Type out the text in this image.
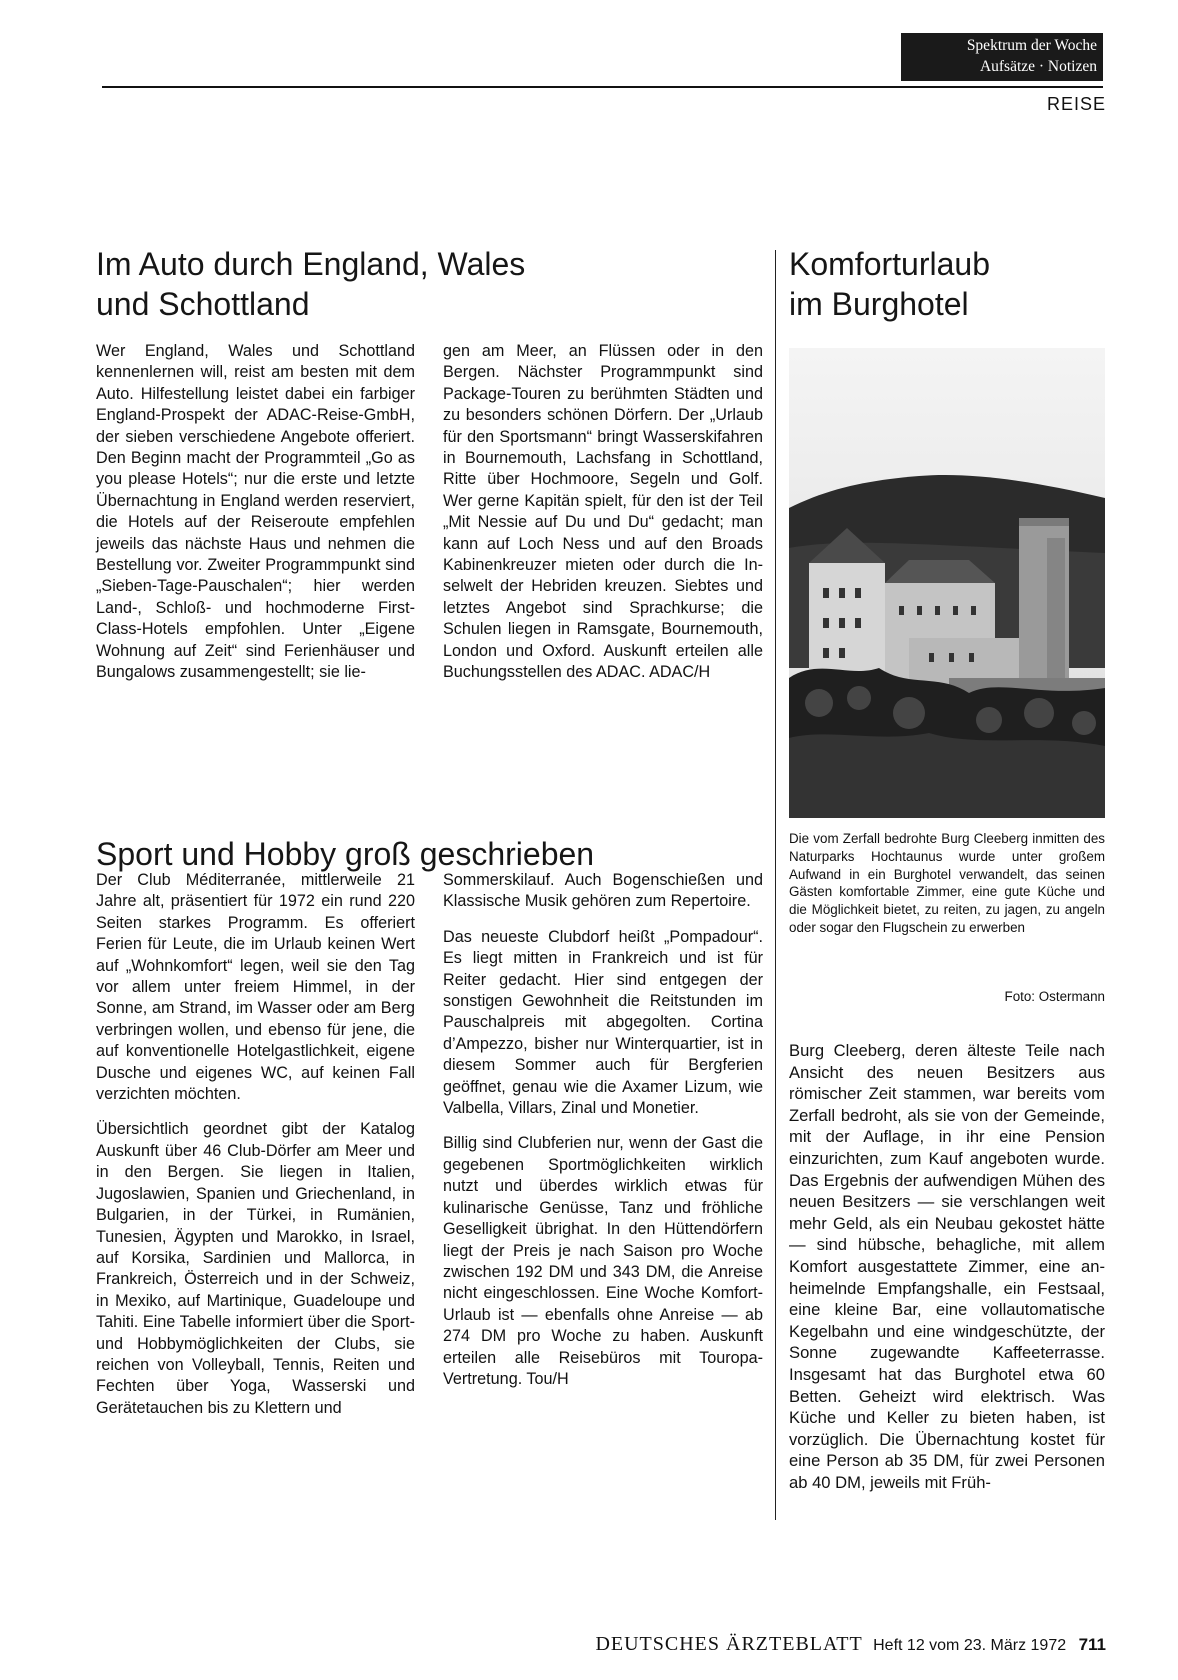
Spektrum der Woche
Aufsätze · Notizen
REISE
Im Auto durch England, Wales
und Schottland

Wer England, Wales und Schottland kennenlernen will, reist am besten mit dem Auto. Hilfestellung leistet dabei ein farbiger England-Prospekt der ADAC-Reise-GmbH, der sieben verschiedene Angebote offeriert. Den Beginn macht der Programmteil „Go as you please Hotels“; nur die erste und letzte Übernachtung in England werden reserviert, die Hotels auf der Reiseroute empfehlen jeweils das nächste Haus und nehmen die Bestellung vor. Zweiter Programmpunkt sind „Sieben-Tage-Pauschalen“; hier werden Land-, Schloß- und hochmoderne First-Class-Hotels empfohlen. Unter „Eigene Wohnung auf Zeit“ sind Ferienhäuser und Bungalows zusammengestellt; sie lie-

gen am Meer, an Flüssen oder in den Bergen. Nächster Programmpunkt sind Package-Touren zu berühmten Städten und zu besonders schönen Dörfern. Der „Urlaub für den Sportsmann“ bringt Wasserskifahren in Bournemouth, Lachsfang in Schottland, Ritte über Hochmoore, Segeln und Golf. Wer gerne Kapitän spielt, für den ist der Teil „Mit Nessie auf Du und Du“ gedacht; man kann auf Loch Ness und auf den Broads Kabinenkreuzer mieten oder durch die Inselwelt der Hebriden kreuzen. Siebtes und letztes Angebot sind Sprachkurse; die Schulen liegen in Ramsgate, Bournemouth, London und Oxford. Auskunft erteilen alle Buchungsstellen des ADAC. ADAC/H

Sport und Hobby groß geschrieben

Der Club Méditerranée, mittlerweile 21 Jahre alt, präsentiert für 1972 ein rund 220 Seiten starkes Programm. Es offeriert Ferien für Leute, die im Urlaub keinen Wert auf „Wohnkomfort“ legen, weil sie den Tag vor allem unter freiem Himmel, in der Sonne, am Strand, im Wasser oder am Berg verbringen wollen, und ebenso für jene, die auf konventionelle Hotelgastlichkeit, eigene Dusche und eigenes WC, auf keinen Fall verzichten möchten.

Übersichtlich geordnet gibt der Katalog Auskunft über 46 Club-Dörfer am Meer und in den Bergen. Sie liegen in Italien, Jugoslawien, Spanien und Griechenland, in Bulgarien, in der Türkei, in Rumänien, Tunesien, Ägypten und Marokko, in Israel, auf Korsika, Sardinien und Mallorca, in Frankreich, Österreich und in der Schweiz, in Mexiko, auf Martinique, Guadeloupe und Tahiti. Eine Tabelle informiert über die Sport- und Hobbymöglichkeiten der Clubs, sie reichen von Volleyball, Tennis, Reiten und Fechten über Yoga, Wasserski und Gerätetauchen bis zu Klettern und

Sommerskilauf. Auch Bogenschießen und Klassische Musik gehören zum Repertoire.

Das neueste Clubdorf heißt „Pompadour“. Es liegt mitten in Frankreich und ist für Reiter gedacht. Hier sind entgegen der sonstigen Gewohnheit die Reitstunden im Pauschalpreis mit abgegolten. Cortina d’Ampezzo, bisher nur Winterquartier, ist in diesem Sommer auch für Bergferien geöffnet, genau wie die Axamer Lizum, wie Valbella, Villars, Zinal und Monetier.

Billig sind Clubferien nur, wenn der Gast die gegebenen Sportmöglichkeiten wirklich nutzt und überdes wirklich etwas für kulinarische Genüsse, Tanz und fröhliche Geselligkeit übrighat. In den Hüttendörfern liegt der Preis je nach Saison pro Woche zwischen 192 DM und 343 DM, die Anreise nicht eingeschlossen. Eine Woche Komfort-Urlaub ist — ebenfalls ohne Anreise — ab 274 DM pro Woche zu haben. Auskunft erteilen alle Reisebüros mit Touropa-Vertretung. Tou/H

Komforturlaub
im Burghotel
Die vom Zerfall bedrohte Burg Cleeberg inmitten des Naturparks Hochtaunus wurde unter großem Aufwand in ein Burghotel verwandelt, das seinen Gästen komfortable Zimmer, eine gute Küche und die Möglichkeit bietet, zu reiten, zu jagen, zu angeln oder sogar den Flugschein zu erwerben
Foto: Ostermann

Burg Cleeberg, deren älteste Teile nach Ansicht des neuen Besitzers aus römischer Zeit stammen, war bereits vom Zerfall bedroht, als sie von der Gemeinde, mit der Auflage, in ihr eine Pension einzurichten, zum Kauf angeboten wurde. Das Ergebnis der aufwendigen Mühen des neuen Besitzers — sie verschlangen weit mehr Geld, als ein Neubau gekostet hätte — sind hübsche, behagliche, mit allem Komfort ausgestattete Zimmer, eine anheimelnde Empfangshalle, ein Festsaal, eine kleine Bar, eine vollautomatische Kegelbahn und eine windgeschützte, der Sonne zugewandte Kaffeeterrasse. Insgesamt hat das Burghotel etwa 60 Betten. Geheizt wird elektrisch. Was Küche und Keller zu bieten haben, ist vorzüglich. Die Übernachtung kostet für eine Person ab 35 DM, für zwei Personen ab 40 DM, jeweils mit Früh-

DEUTSCHES ÄRZTEBLATT Heft 12 vom 23. März 1972 711
